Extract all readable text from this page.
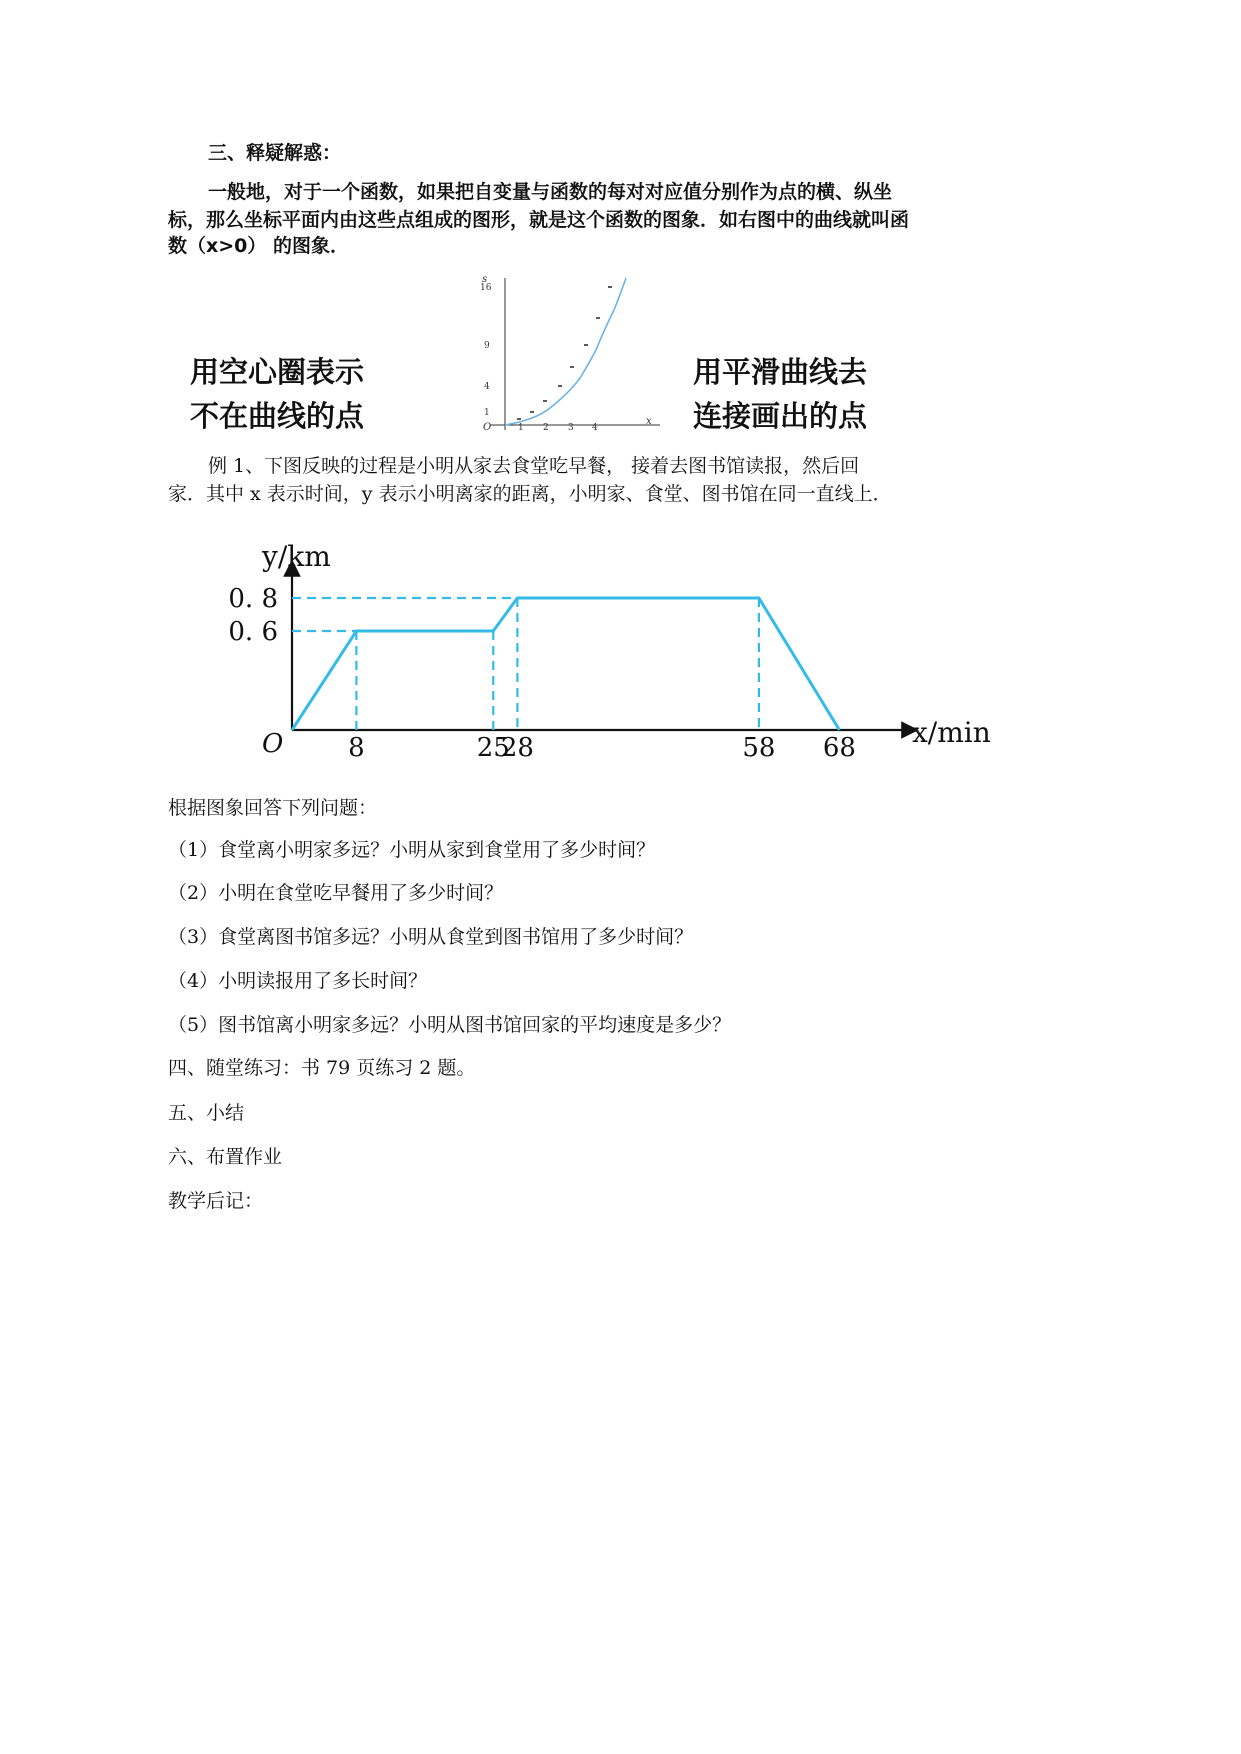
三、释疑解惑：
一般地，对于一个函数，如果把自变量与函数的每对对应值分别作为点的横、纵坐
标，那么坐标平面内由这些点组成的图形，就是这个函数的图象．如右图中的曲线就叫函
数（x>0） 的图象．
用空心圈表示
不在曲线的点
用平滑曲线去
连接画出的点
s
x
O
16
9
4
1
1 2 3 4
例 1、下图反映的过程是小明从家去食堂吃早餐， 接着去图书馆读报，然后回
家．其中 x 表示时间，y 表示小明离家的距离，小明家、食堂、图书馆在同一直线上．
y/km
x/min
O 8	25
28	58 68
0. 8
0. 6
根据图象回答下列问题：
（1）食堂离小明家多远？小明从家到食堂用了多少时间？
（2）小明在食堂吃早餐用了多少时间？
（3）食堂离图书馆多远？小明从食堂到图书馆用了多少时间？
（4）小明读报用了多长时间？
（5）图书馆离小明家多远？小明从图书馆回家的平均速度是多少？
四、随堂练习：书 79 页练习 2 题。
五、小结
六、布置作业
教学后记：
